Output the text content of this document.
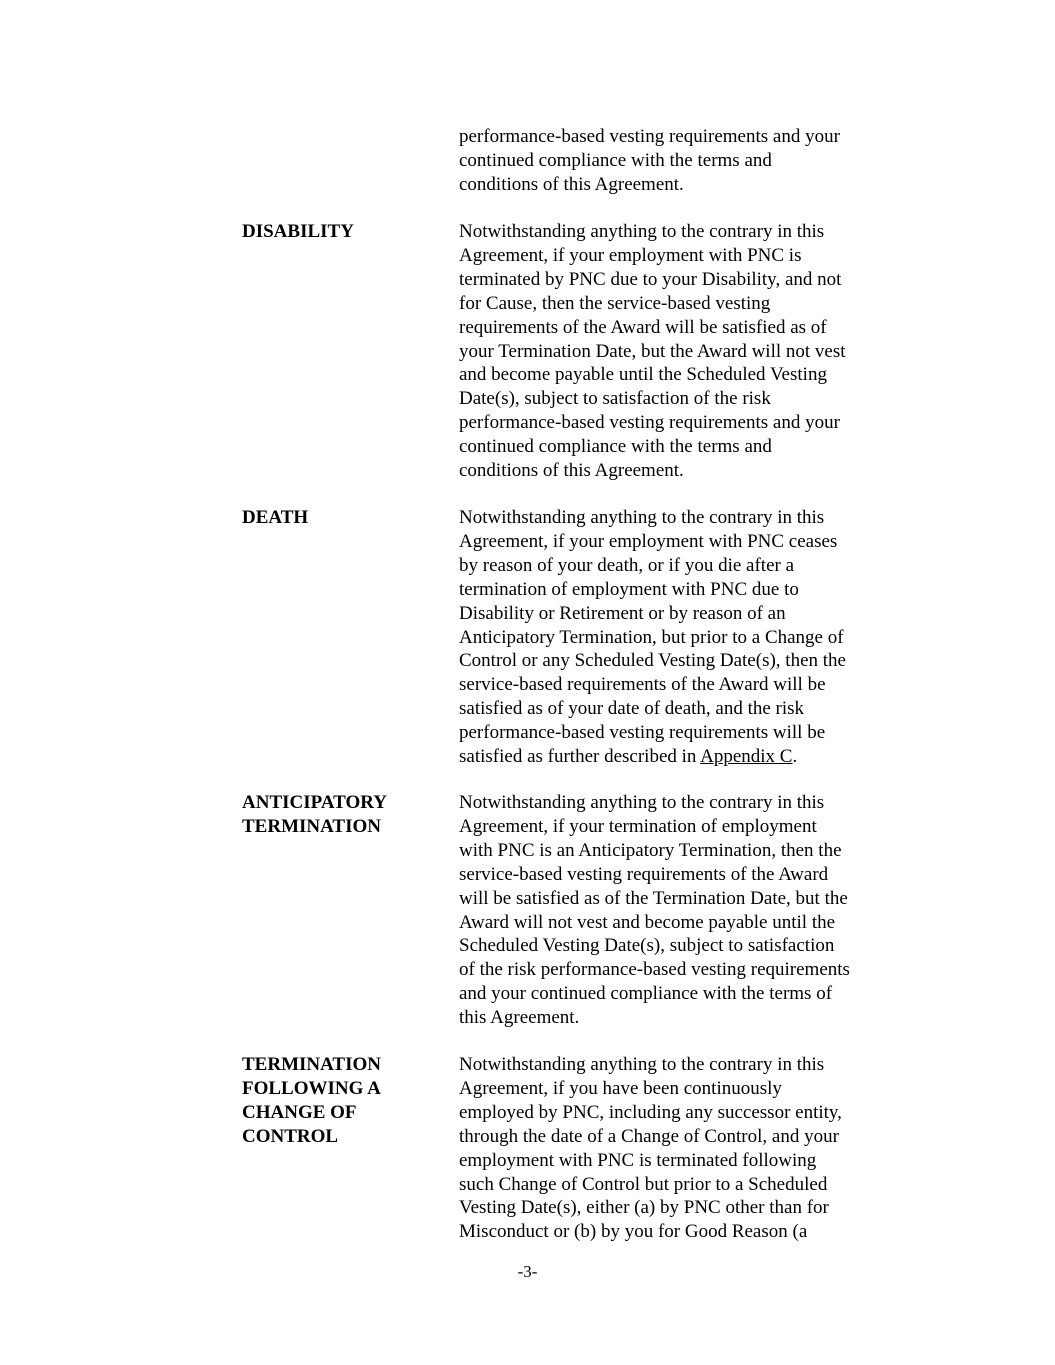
performance-based vesting requirements and your
continued compliance with the terms and
conditions of this Agreement.
DISABILITY	Notwithstanding anything to the contrary in this
Agreement, if your employment with PNC is
terminated by PNC due to your Disability, and not
for Cause, then the service-based vesting
requirements of the Award will be satisfied as of
your Termination Date, but the Award will not vest
and become payable until the Scheduled Vesting
Date(s), subject to satisfaction of the risk
performance-based vesting requirements and your
continued compliance with the terms and
conditions of this Agreement.
DEATH	Notwithstanding anything to the contrary in this
Agreement, if your employment with PNC ceases
by reason of your death, or if you die after a
termination of employment with PNC due to
Disability or Retirement or by reason of an
Anticipatory Termination, but prior to a Change of
Control or any Scheduled Vesting Date(s), then the
service-based requirements of the Award will be
satisfied as of your date of death, and the risk
performance-based vesting requirements will be
satisfied as further described in Appendix C.
ANTICIPATORY
TERMINATION
Notwithstanding anything to the contrary in this
Agreement, if your termination of employment
with PNC is an Anticipatory Termination, then the
service-based vesting requirements of the Award
will be satisfied as of the Termination Date, but the
Award will not vest and become payable until the
Scheduled Vesting Date(s), subject to satisfaction
of the risk performance-based vesting requirements
and your continued compliance with the terms of
this Agreement.
TERMINATION
FOLLOWING A
CHANGE OF
CONTROL
Notwithstanding anything to the contrary in this
Agreement, if you have been continuously
employed by PNC, including any successor entity,
through the date of a Change of Control, and your
employment with PNC is terminated following
such Change of Control but prior to a Scheduled
Vesting Date(s), either (a) by PNC other than for
Misconduct or (b) by you for Good Reason (a
-3-
